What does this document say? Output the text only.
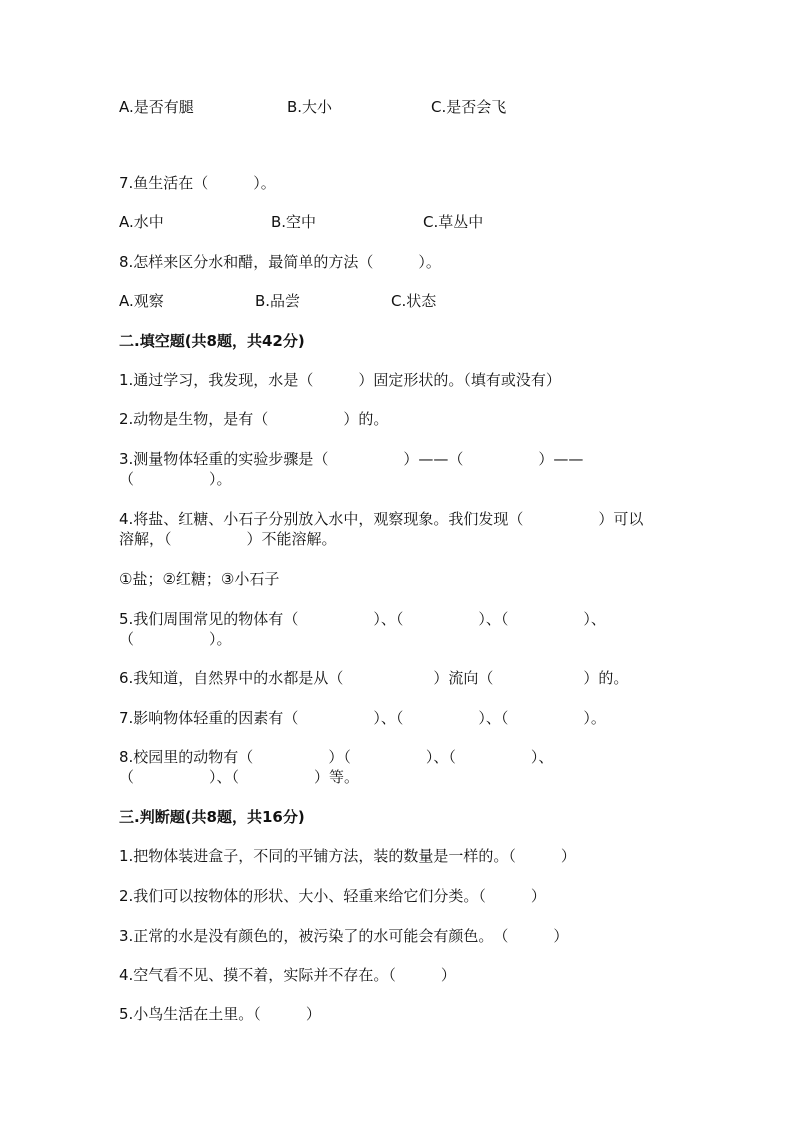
A.是否有腿	B.大小	C.是否会飞
7.鱼生活在（　　　）。
A.水中	B.空中	C.草丛中
8.怎样来区分水和醋，最简单的方法（　　　）。
A.观察	B.品尝	C.状态
二.填空题(共8题，共42分)
1.通过学习，我发现，水是（　　　）固定形状的。（填有或没有）
2.动物是生物，是有（　　　　　）的。
3.测量物体轻重的实验步骤是（　　　　　）——（　　　　　）——
（　　　　　）。
4.将盐、红糖、小石子分别放入水中，观察现象。我们发现（　　　　　）可以
溶解，（　　　　　）不能溶解。
①盐；②红糖；③小石子
5.我们周围常见的物体有（　　　　　）、（　　　　　）、（　　　　　）、
（　　　　　）。
6.我知道，自然界中的水都是从（　　　　　　）流向（　　　　　　）的。
7.影响物体轻重的因素有（　　　　　）、（　　　　　）、（　　　　　）。
8.校园里的动物有（　　　　　）（　　　　　）、（　　　　　）、
（　　　　　）、（　　　　　）等。
三.判断题(共8题，共16分)
1.把物体装进盒子，不同的平铺方法，装的数量是一样的。（　　　）
2.我们可以按物体的形状、大小、轻重来给它们分类。（　　　）
3.正常的水是没有颜色的，被污染了的水可能会有颜色。　（　　　）
4.空气看不见、摸不着，实际并不存在。（　　　）
5.小鸟生活在土里。（　　　）
